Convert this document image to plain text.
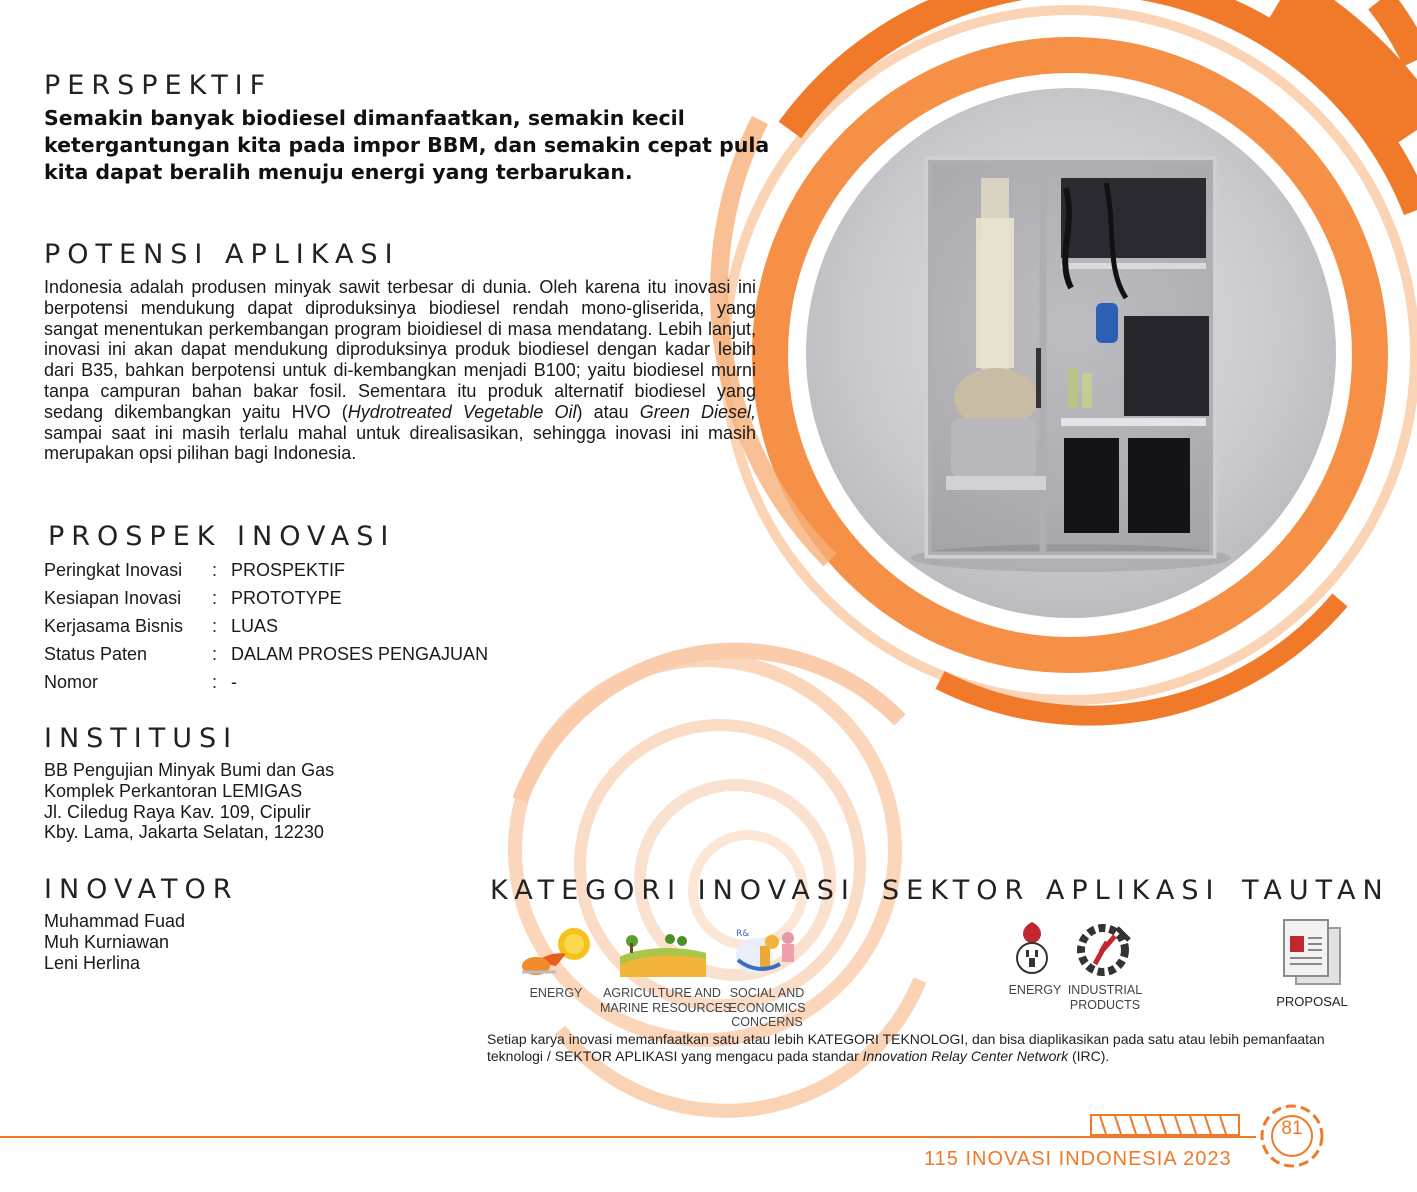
PERSPEKTIF
Semakin banyak biodiesel dimanfaatkan, semakin kecil ketergantungan kita pada impor BBM, dan semakin cepat pula kita dapat beralih menuju energi yang terbarukan.
POTENSI APLIKASI
Indonesia adalah produsen minyak sawit terbesar di dunia. Oleh karena itu inovasi ini berpotensi mendukung dapat diproduksinya biodiesel rendah mono-gliserida, yang sangat menentukan perkembangan program bioidiesel di masa mendatang. Lebih lanjut, inovasi ini akan dapat mendukung diproduksinya produk biodiesel dengan kadar lebih dari B35, bahkan berpotensi untuk di-kembangkan menjadi B100; yaitu biodiesel murni tanpa campuran bahan bakar fosil. Sementara itu produk alternatif biodiesel yang sedang dikembangkan yaitu HVO (Hydrotreated Vegetable Oil) atau Green Diesel, sampai saat ini masih terlalu mahal untuk direalisasikan, sehingga inovasi ini masih merupakan opsi pilihan bagi Indonesia.
PROSPEK INOVASI
Peringkat Inovasi	: PROSPEKTIF
Kesiapan Inovasi	: PROTOTYPE
Kerjasama Bisnis	: LUAS
Status Paten	: DALAM PROSES PENGAJUAN
Nomor	: -
INSTITUSI
BB Pengujian Minyak Bumi dan Gas
Komplek Perkantoran LEMIGAS
Jl. Ciledug Raya Kav. 109, Cipulir
Kby. Lama, Jakarta Selatan, 12230
INOVATOR
Muhammad Fuad
Muh Kurniawan
Leni Herlina
KATEGORI INOVASI SEKTOR APLIKASI TAUTAN
R&
ENERGY	AGRICULTURE AND
MARINE RESOURCES
SOCIAL AND
ECONOMICS
CONCERNS
ENERGY INDUSTRIAL
PRODUCTS	PROPOSAL
Setiap karya inovasi memanfaatkan satu atau lebih KATEGORI TEKNOLOGI, dan bisa diaplikasikan pada satu atau lebih pemanfaatan teknologi / SEKTOR APLIKASI yang mengacu pada standar Innovation Relay Center Network (IRC).
81
115 INOVASI INDONESIA 2023
